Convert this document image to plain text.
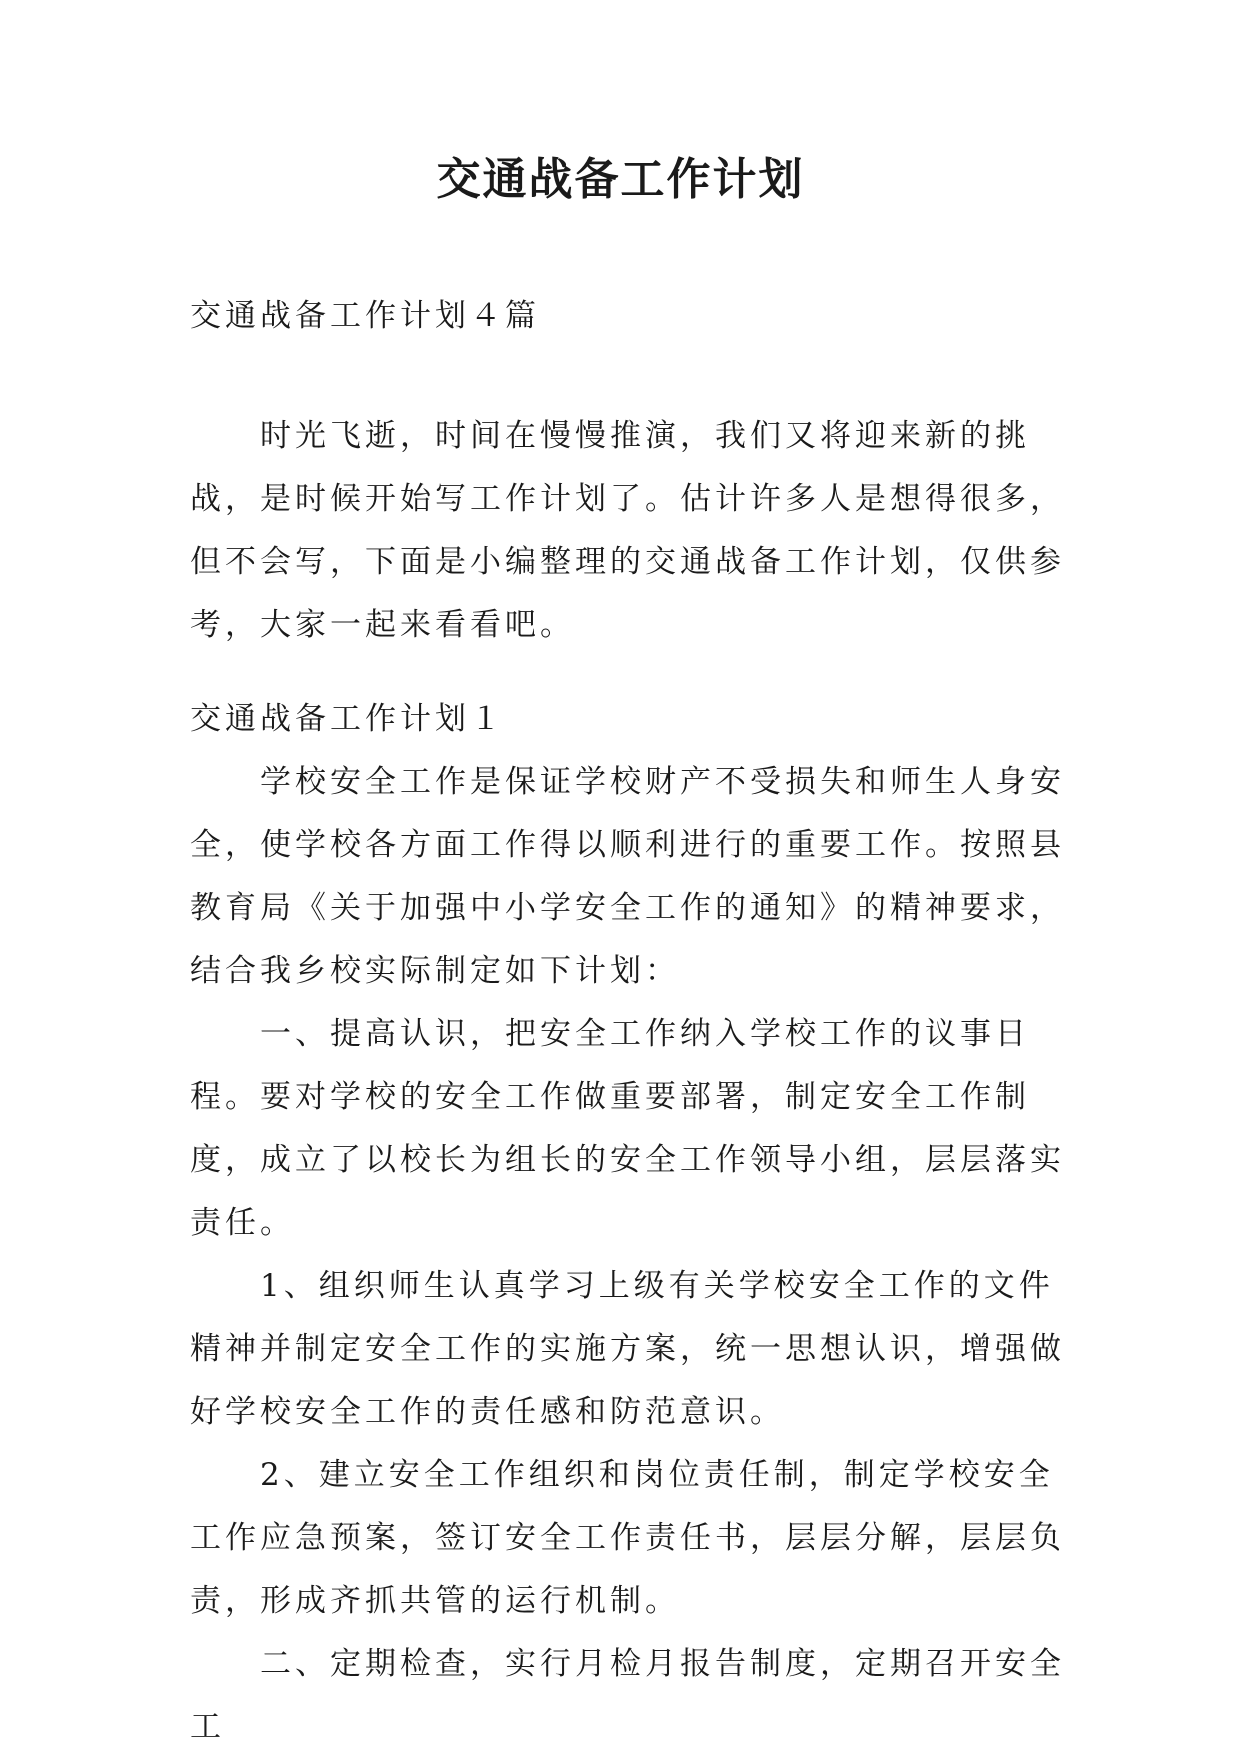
交通战备工作计划

交通战备工作计划４篇

时光飞逝，时间在慢慢推演，我们又将迎来新的挑战，是时候开始写工作计划了。估计许多人是想得很多，但不会写，下面是小编整理的交通战备工作计划，仅供参考，大家一起来看看吧。

交通战备工作计划１

学校安全工作是保证学校财产不受损失和师生人身安全，使学校各方面工作得以顺利进行的重要工作。按照县教育局《关于加强中小学安全工作的通知》的精神要求，结合我乡校实际制定如下计划：

一、提高认识，把安全工作纳入学校工作的议事日程。要对学校的安全工作做重要部署，制定安全工作制度，成立了以校长为组长的安全工作领导小组，层层落实责任。

1、组织师生认真学习上级有关学校安全工作的文件精神并制定安全工作的实施方案，统一思想认识，增强做好学校安全工作的责任感和防范意识。

2、建立安全工作组织和岗位责任制，制定学校安全工作应急预案，签订安全工作责任书，层层分解，层层负责，形成齐抓共管的运行机制。

二、定期检查，实行月检月报告制度，定期召开安全工
